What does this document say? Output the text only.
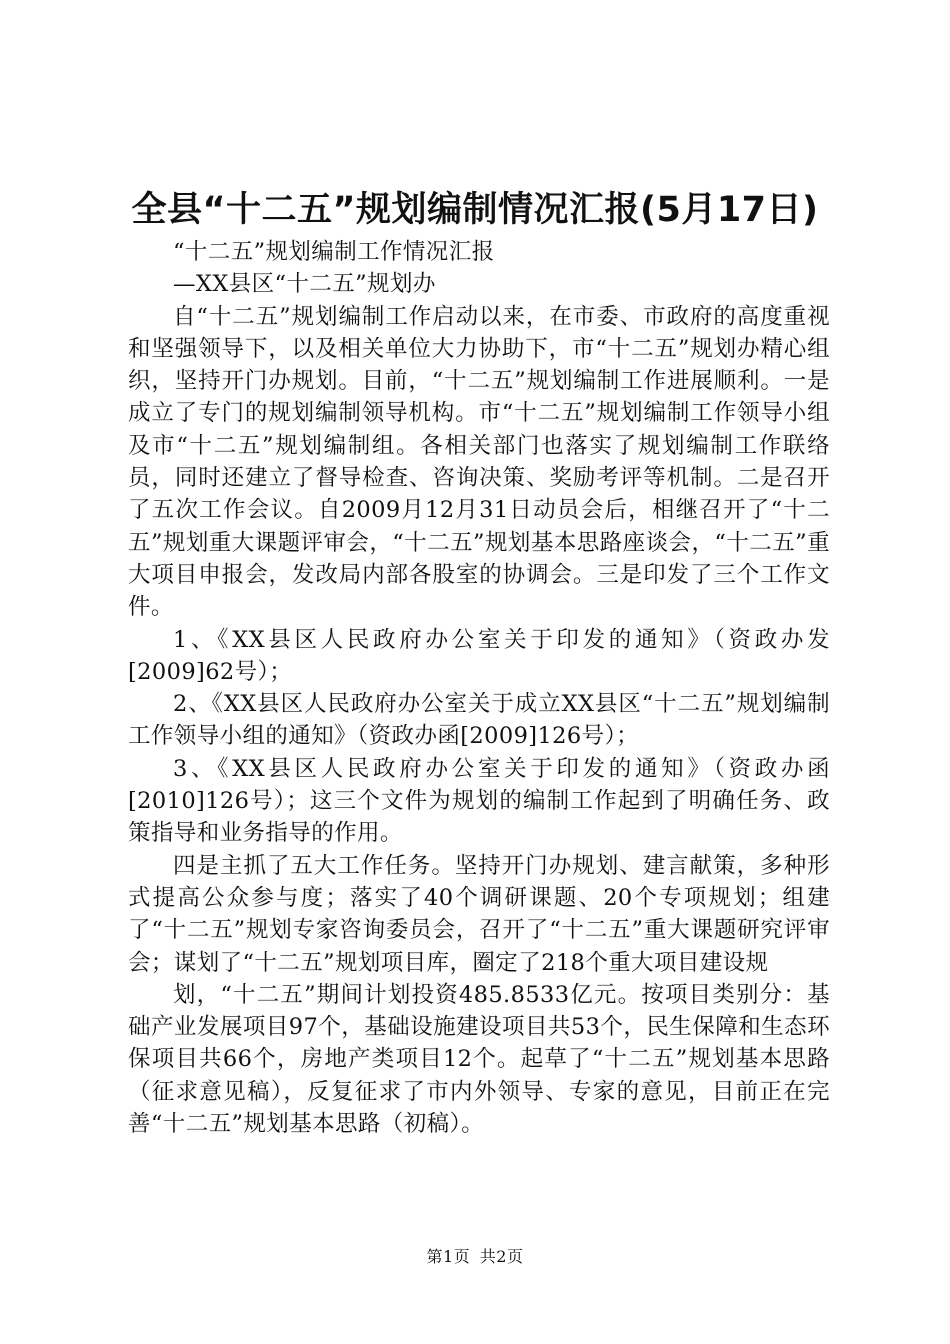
全县“十二五”规划编制情况汇报(5月17日)

“十二五”规划编制工作情况汇报

—XX县区“十二五”规划办

自“十二五”规划编制工作启动以来，在市委、市政府的高度重视和坚强领导下，以及相关单位大力协助下，市“十二五”规划办精心组织，坚持开门办规划。目前，“十二五”规划编制工作进展顺利。一是成立了专门的规划编制领导机构。市“十二五”规划编制工作领导小组及市“十二五”规划编制组。各相关部门也落实了规划编制工作联络员，同时还建立了督导检查、咨询决策、奖励考评等机制。二是召开了五次工作会议。自2009月12月31日动员会后，相继召开了“十二五”规划重大课题评审会，“十二五”规划基本思路座谈会，“十二五”重大项目申报会，发改局内部各股室的协调会。三是印发了三个工作文件。

1、《XX县区人民政府办公室关于印发的通知》（资政办发[2009]62号）；

2、《XX县区人民政府办公室关于成立XX县区“十二五”规划编制工作领导小组的通知》（资政办函[2009]126号）；

3、《XX县区人民政府办公室关于印发的通知》（资政办函[2010]126号）；这三个文件为规划的编制工作起到了明确任务、政策指导和业务指导的作用。

四是主抓了五大工作任务。坚持开门办规划、建言献策，多种形式提高公众参与度；落实了40个调研课题、20个专项规划；组建了“十二五”规划专家咨询委员会，召开了“十二五”重大课题研究评审会；谋划了“十二五”规划项目库，圈定了218个重大项目建设规

划，“十二五”期间计划投资485.8533亿元。按项目类别分：基础产业发展项目97个，基础设施建设项目共53个，民生保障和生态环保项目共66个，房地产类项目12个。起草了“十二五”规划基本思路（征求意见稿），反复征求了市内外领导、专家的意见，目前正在完善“十二五”规划基本思路（初稿）。

第1页 共2页
